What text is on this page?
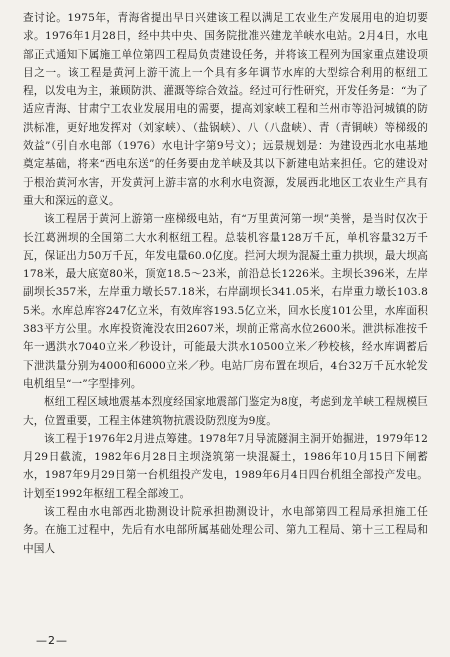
查讨论。1975年，青海省提出早日兴建该工程以满足工农业生产发展用电的迫切要求。1976年1月28日，经中共中央、国务院批准兴建龙羊峡水电站。2月4日，水电部正式通知下属施工单位第四工程局负责建设任务，并将该工程列为国家重点建设项目之一。该工程是黄河上游干流上一个具有多年调节水库的大型综合利用的枢纽工程，以发电为主，兼顾防洪、灌溉等综合效益。经过可行性研究，开发任务是：“为了适应青海、甘肃宁工农业发展用电的需要，提高刘家峡工程和兰州市等沿河城镇的防洪标准，更好地发挥对（刘家峡）、（盐锅峡）、八（八盘峡）、青（青铜峡）等梯级的效益”（引自水电部（1976）水电计字第9号文）；远景规划是：为建设西北水电基地奠定基础，将来“西电东送”的任务要由龙羊峡及其以下新建电站来担任。它的建设对于根治黄河水害，开发黄河上游丰富的水利水电资源，发展西北地区工农业生产具有重大和深远的意义。

该工程居于黄河上游第一座梯级电站，有“万里黄河第一坝”美誉，是当时仅次于长江葛洲坝的全国第二大水利枢纽工程。总装机容量128万千瓦，单机容量32万千瓦，保证出力50万千瓦，年发电量60.0亿度。拦河大坝为混凝土重力拱坝，最大坝高178米，最大底宽80米，顶宽18.5～23米，前沿总长1226米。主坝长396米，左岸副坝长357米，左岸重力墩长57.18米，右岸副坝长341.05米，右岸重力墩长103.85米。水库总库容247亿立米，有效库容193.5亿立米，回水长度101公里，水库面积383平方公里。水库投资淹没农田2607米，坝前正常高水位2600米。泄洪标准按千年一遇洪水7040立米／秒设计，可能最大洪水10500立米／秒校核，经水库调蓄后下泄洪量分别为4000和6000立米／秒。电站厂房布置在坝后，4台32万千瓦水轮发电机组呈“一”字型排列。

枢纽工程区域地震基本烈度经国家地震部门鉴定为8度，考虑到龙羊峡工程规模巨大，位置重要，工程主体建筑物抗震设防烈度为9度。

该工程于1976年2月进点筹建。1978年7月导流隧洞主洞开始掘进，1979年12月29日截流，1982年6月28日主坝浇筑第一块混凝土，1986年10月15日下闸蓄水，1987年9月29日第一台机组投产发电，1989年6月4日四台机组全部投产发电。计划至1992年枢纽工程全部竣工。

该工程由水电部西北勘测设计院承担勘测设计，水电部第四工程局承担施工任务。在施工过程中，先后有水电部所属基础处理公司、第九工程局、第十三工程局和中国人

—2—
